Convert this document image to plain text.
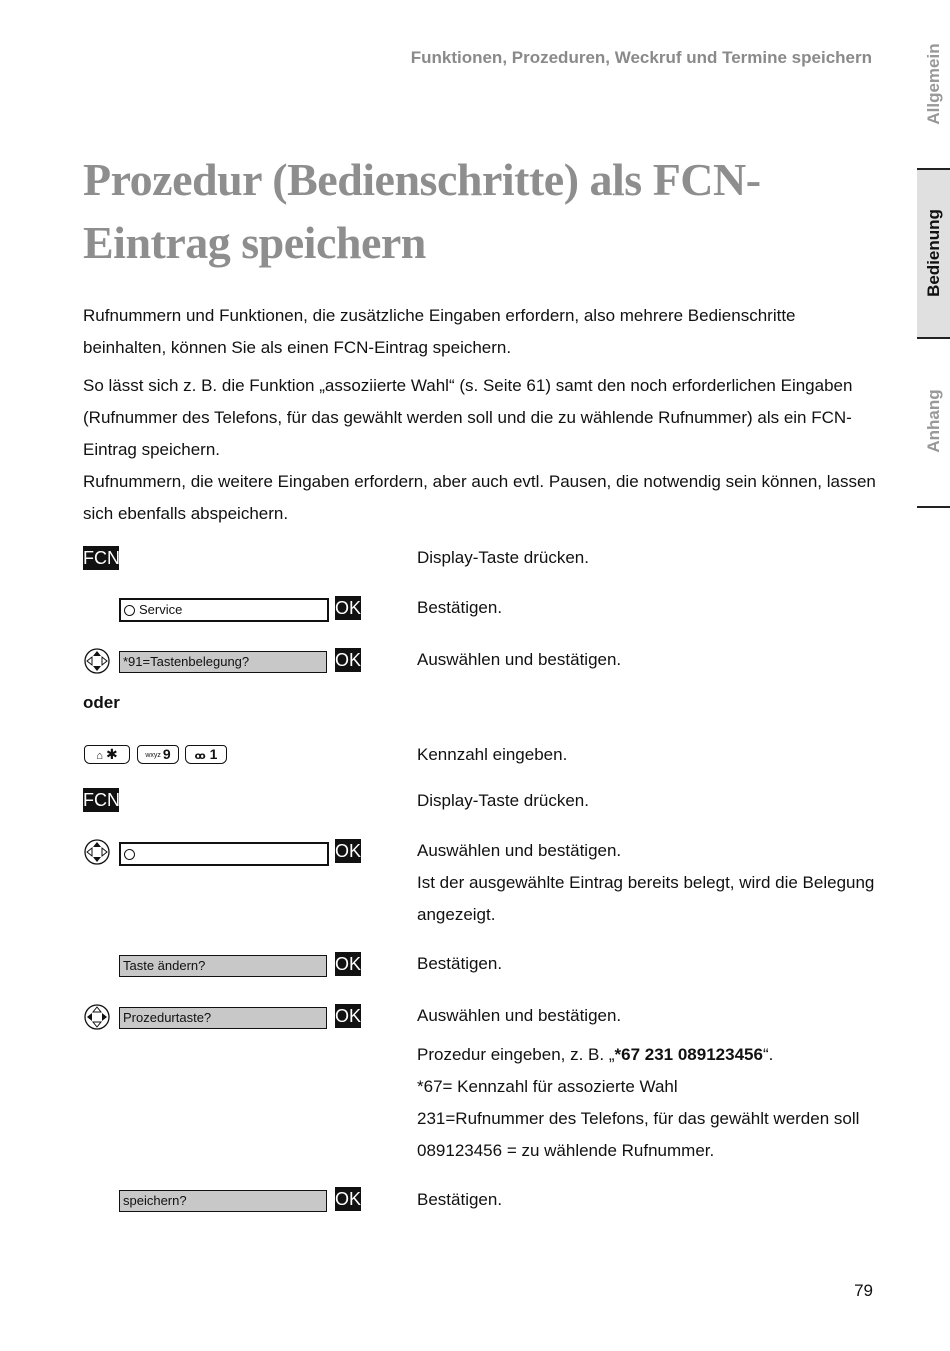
Funktionen, Prozeduren, Weckruf und Termine speichern	Allgemein
Bedienung
Anhang
Prozedur (Bedienschritte) als FCN-Eintrag speichern
Rufnummern und Funktionen, die zusätzliche Eingaben erfordern, also mehrere Bedienschritte beinhalten, können Sie als einen FCN-Eintrag speichern.
So lässt sich z. B. die Funktion „assoziierte Wahl“ (s. Seite 61) samt den noch erforderlichen Eingaben (Rufnummer des Telefons, für das gewählt werden soll und die zu wählende Rufnummer) als ein FCN-Eintrag speichern.
Rufnummern, die weitere Eingaben erfordern, aber auch evtl. Pausen, die notwendig sein können, lassen sich ebenfalls abspeichern.
FCN	Display-Taste drücken.
Service	OK	Bestätigen.
*91=Tastenbelegung?	OK	Auswählen und bestätigen.
oder
⌂ ✱	wxyz 9	ꝏ 1	Kennzahl eingeben.
FCN	Display-Taste drücken.
OK	Auswählen und bestätigen.
Ist der ausgewählte Eintrag bereits belegt, wird die Belegung angezeigt.
Taste ändern?	OK	Bestätigen.
Prozedurtaste?	OK	Auswählen und bestätigen.
Prozedur eingeben, z. B. „*67 231 089123456“.
*67= Kennzahl für assozierte Wahl
231=Rufnummer des Telefons, für das gewählt werden soll
089123456 = zu wählende Rufnummer.
speichern?	OK	Bestätigen.
79
